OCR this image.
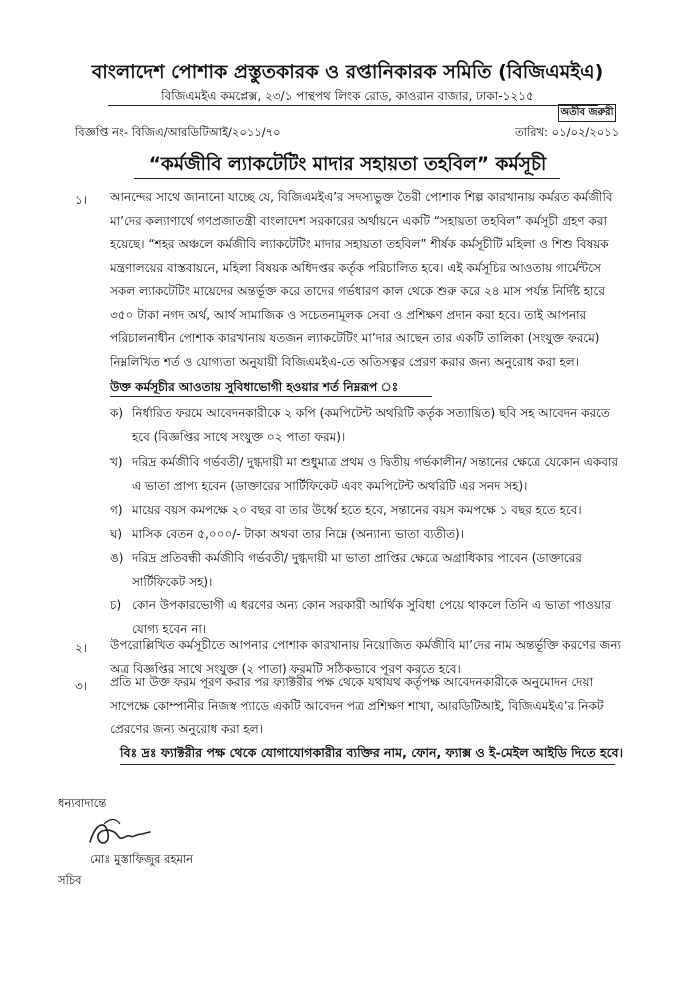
বাংলাদেশ পোশাক প্রস্তুতকারক ও রপ্তানিকারক সমিতি (বিজিএমইএ)
বিজিএমইএ কমপ্লেক্স, ২৩/১ পান্থপথ লিংক রোড, কাওরান বাজার, ঢাকা-১২১৫
অতীব জরুরী
বিজ্ঞপ্তি নং- বিজিএ/আরডিটিআই/২০১১/৭০	তারিখ: ০১/০২/২০১১
“কর্মজীবি ল্যাকটেটিং মাদার সহায়তা তহবিল” কর্মসূচী
১। আনন্দের সাথে জানানো যাচ্ছে যে, বিজিএমইএ’র সদস্যভুক্ত তৈরী পোশাক শিল্প কারখানায় কর্মরত কর্মজীবি
মা’দের কল্যাণার্থে গণপ্রজাতন্ত্রী বাংলাদেশ সরকারের অর্থায়নে একটি “সহায়তা তহবিল” কর্মসূচী গ্রহণ করা
হয়েছে। “শহর অঞ্চলে কর্মজীবি ল্যাকটেটিং মাদার সহায়তা তহবিল” শীর্ষক কর্মসূচীটি মহিলা ও শিশু বিষয়ক
মন্ত্রণালয়ের বাস্তবায়নে, মহিলা বিষয়ক অধিদপ্তর কর্তৃক পরিচালিত হবে। এই কর্মসূচির আওতায় গার্মেন্টসে
সকল ল্যাকটেটিং মায়েদের অন্তর্ভূক্ত করে তাদের গর্ভধারণ কাল থেকে শুরু করে ২৪ মাস পর্যন্ত নির্দিষ্ট হারে
৩৫০ টাকা নগদ অর্থ, আর্থ সামাজিক ও সচেতনামূলক সেবা ও প্রশিক্ষণ প্রদান করা হবে। তাই আপনার
পরিচালনাধীন পোশাক কারখানায় যতজন ল্যাকটেটিং মা’দার আছেন তার একটি তালিকা (সংযুক্ত ফরমে)
নিম্নলিখিত শর্ত ও যোগ্যতা অনুযায়ী বিজিএমইএ-তে অতিসত্বর প্রেরণ করার জন্য অনুরোধ করা হল।
উক্ত কর্মসূচীর আওতায় সুবিধাভোগী হওয়ার শর্ত নিম্নরূপ ঃ
ক) নির্ধারিত ফরমে আবেদনকারীকে ২ কপি (কমপিটেন্ট অথরিটি কর্তৃক সত্যায়িত) ছবি সহ আবেদন করতে
হবে (বিজ্ঞপ্তির সাথে সংযুক্ত ০২ পাতা ফরম)।
খ) দরিদ্র কর্মজীবি গর্ভবতী/ দুগ্ধদায়ী মা শুধুমাত্র প্রথম ও দ্বিতীয় গর্ভকালীন/ সন্তানের ক্ষেত্রে যেকোন একবার
এ ভাতা প্রাপ্য হবেন (ডাক্তারের সার্টিফিকেট এবং কমপিটেন্ট অথরিটি এর সনদ সহ)।
গ) মায়ের বয়স কমপক্ষে ২০ বছর বা তার উর্ধ্বে হতে হবে, সন্তানের বয়স কমপক্ষে ১ বছর হতে হবে।
ঘ) মাসিক বেতন ৫,০০০/- টাকা অথবা তার নিম্নে (অন্যান্য ভাতা ব্যতীত)।
ঙ) দরিদ্র প্রতিবন্ধী কর্মজীবি গর্ভবতী/ দুগ্ধদায়ী মা ভাতা প্রাপ্তির ক্ষেত্রে অগ্রাধিকার পাবেন (ডাক্তারের
সার্টিফিকেট সহ)।
চ) কোন উপকারভোগী এ ধরণের অন্য কোন সরকারী আর্থিক সুবিধা পেয়ে থাকলে তিনি এ ভাতা পাওয়ার
যোগ্য হবেন না।
২। উপরোল্লিখিত কর্মসূচীতে আপনার পোশাক কারখানায় নিয়োজিত কর্মজীবি মা’দের নাম অন্তর্ভূক্তি করণের জন্য
অত্র বিজ্ঞপ্তির সাথে সংযুক্ত (২ পাতা) ফরমটি সঠিকভাবে পূরণ করতে হবে।
৩। প্রতি মা উক্ত ফরম পূরণ করার পর ফ্যাক্টরীর পক্ষ থেকে যথাযথ কর্তৃপক্ষ আবেদনকারীকে অনুমোদন দেয়া
সাপেক্ষে কোম্পানীর নিজস্ব প্যাডে একটি আবেদন পত্র প্রশিক্ষণ শাখা, আরডিটিআই, বিজিএমইএ’র নিকট
প্রেরণের জন্য অনুরোধ করা হল।
বিঃ দ্রঃ ফ্যাক্টরীর পক্ষ থেকে যোগাযোগকারীর ব্যক্তির নাম, ফোন, ফ্যাক্স ও ই-মেইল আইডি দিতে হবে।
ধন্যবাদান্তে
মোঃ মুস্তাফিজুর রহমান
সচিব
